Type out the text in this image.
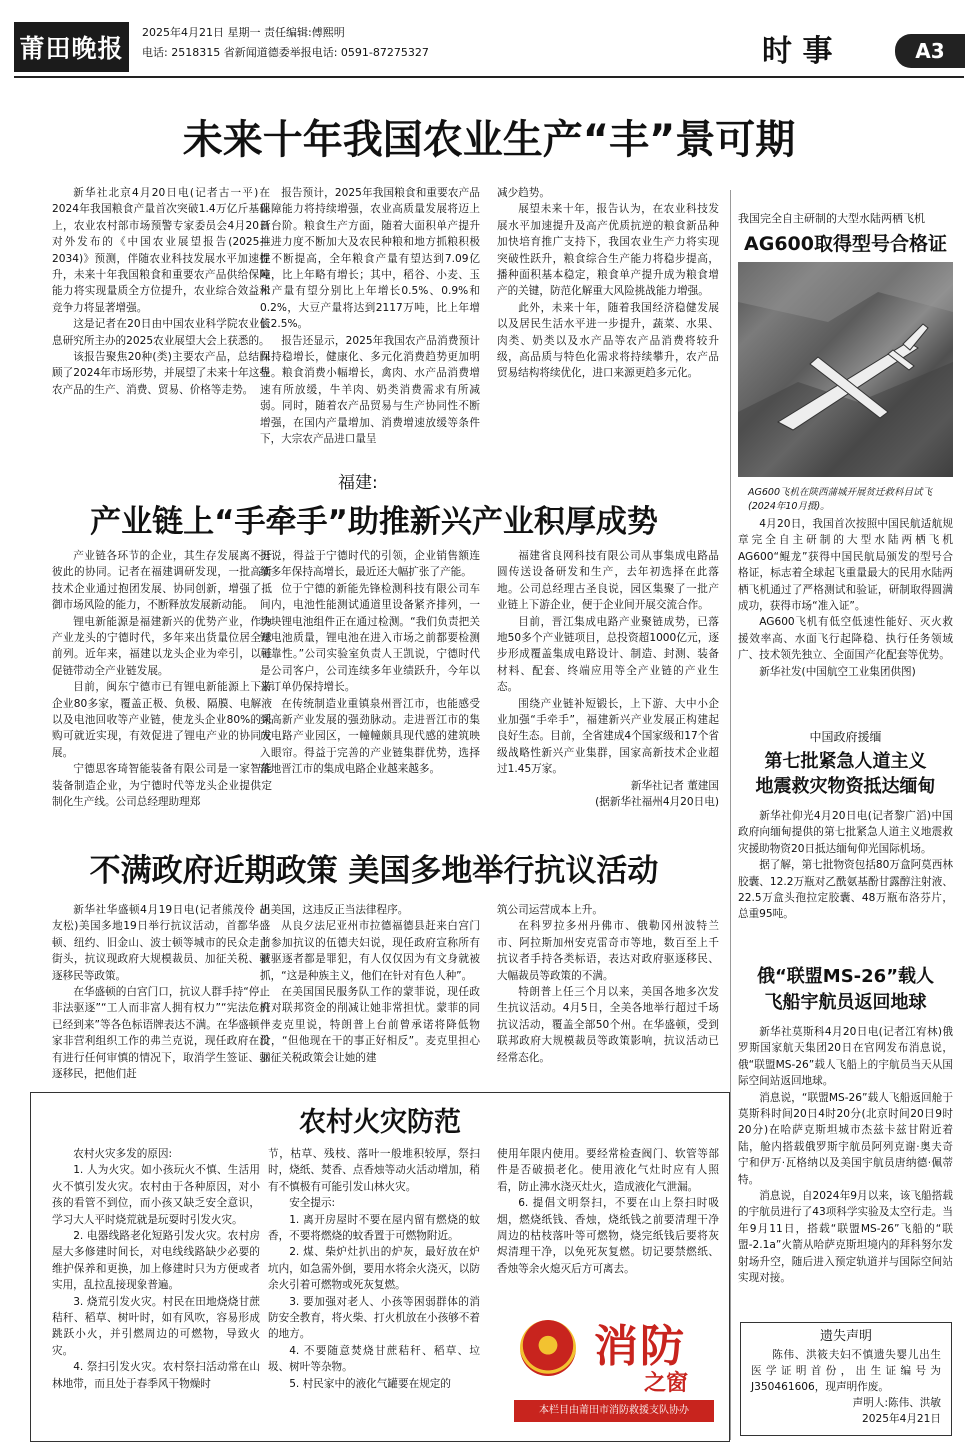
莆田晚报
2025年4月21日 星期一 责任编辑:傅熙明
电话: 2518315 省新闻道德委举报电话: 0591-87275327	时 事	A3
未来十年我国农业生产“丰”景可期

新华社北京4月20日电(记者古一平)在2024年我国粮食产量首次突破1.4万亿斤基础上，农业农村部市场预警专家委员会4月20日对外发布的《中国农业展望报告(2025—2034)》预测，伴随农业科技发展水平加速提升，未来十年我国粮食和重要农产品供给保障能力将实现量质全方位提升，农业综合效益和竞争力将显著增强。

这是记者在20日由中国农业科学院农业信息研究所主办的2025农业展望大会上获悉的。

该报告聚焦20种(类)主要农产品，总结回顾了2024年市场形势，并展望了未来十年这些农产品的生产、消费、贸易、价格等走势。

报告预计，2025年我国粮食和重要农产品保障能力将持续增强，农业高质量发展将迈上新台阶。粮食生产方面，随着大面积单产提升推进力度不断加大及农民种粮和地方抓粮积极性不断提高，全年粮食产量有望达到7.09亿吨，比上年略有增长；其中，稻谷、小麦、玉米产量有望分别比上年增长0.5%、0.9%和0.2%，大豆产量将达到2117万吨，比上年增长2.5%。

报告还显示，2025年我国农产品消费预计保持稳增长，健康化、多元化消费趋势更加明显。粮食消费小幅增长，禽肉、水产品消费增速有所放缓，牛羊肉、奶类消费需求有所减弱。同时，随着农产品贸易与生产协同性不断增强，在国内产量增加、消费增速放缓等条件下，大宗农产品进口量呈

减少趋势。

展望未来十年，报告认为，在农业科技发展水平加速提升及高产优质抗逆的粮食新品种加快培育推广支持下，我国农业生产力将实现突破性跃升，粮食综合生产能力将稳步提高，播种面积基本稳定，粮食单产提升成为粮食增产的关键，防范化解重大风险挑战能力增强。

此外，未来十年，随着我国经济稳健发展以及居民生活水平进一步提升，蔬菜、水果、肉类、奶类以及水产品等农产品消费将较升级，高品质与特色化需求将持续攀升，农产品贸易结构将续优化，进口来源更趋多元化。

福建:
产业链上“手牵手”助推新兴产业积厚成势

产业链各环节的企业，其生存发展离不开彼此的协同。记者在福建调研发现，一批高新技术企业通过抱团发展、协同创新，增强了抵御市场风险的能力，不断释放发展新动能。

锂电新能源是福建新兴的优势产业，作为产业龙头的宁德时代，多年来出货量位居全球前列。近年来，福建以龙头企业为牵引，以链促链带动全产业链发展。

目前，闽东宁德市已有锂电新能源上下游企业80多家，覆盖正极、负极、隔膜、电解液以及电池回收等产业链，使龙头企业80%的采购可就近实现，有效促进了锂电产业的协同发展。

宁德思客琦智能装备有限公司是一家智能装备制造企业，为宁德时代等龙头企业提供定制化生产线。公司总经理助理郑

挺说，得益于宁德时代的引领，企业销售额连续多年保持高增长，最近还大幅扩张了产能。

位于宁德的新能先锋检测科技有限公司车间内，电池性能测试通道里设备紧齐排列，一块块锂电池组件正在通过检测。“我们负责把关锂电池质量，锂电池在进入市场之前都要检测可靠性。”公司实验室负责人王凯说，宁德时代是公司客户，公司连续多年业绩跃升，今年以来订单仍保持增长。

在传统制造业重镇泉州晋江市，也能感受到高新产业发展的强劲脉动。走进晋江市的集成电路产业园区，一幢幢颇具现代感的建筑映入眼帘。得益于完善的产业链集群优势，选择落地晋江市的集成电路企业越来越多。

福建省良网科技有限公司从事集成电路晶圆传送设备研发和生产，去年初选择在此落地。公司总经理古圣良说，园区集聚了一批产业链上下游企业，便于企业间开展交流合作。

目前，晋江集成电路产业聚链成势，已落地50多个产业链项目，总投资超1000亿元，逐步形成覆盖集成电路设计、制造、封测、装备材料、配套、终端应用等全产业链的产业生态。

围绕产业链补短锻长，上下游、大中小企业加强“手牵手”，福建新兴产业发展正构建起良好生态。目前，全省建成4个国家级和17个省级战略性新兴产业集群，国家高新技术企业超过1.45万家。

新华社记者 董建国

(据新华社福州4月20日电)

不满政府近期政策 美国多地举行抗议活动

新华社华盛顿4月19日电(记者熊茂伶 胡友松)美国多地19日举行抗议活动，首都华盛顿、纽约、旧金山、波士顿等城市的民众走上街头，抗议现政府大规模裁员、加征关税、驱逐移民等政策。

在华盛顿的白宫门口，抗议人群手持“停止非法驱逐”“工人而非富人拥有权力”“宪法危机已经到来”等各色标语牌表达不满。在华盛顿一家非营利组织工作的弗兰克说，现任政府在没有进行任何审慎的情况下，取消学生签证、驱逐移民，把他们赶

出美国，这违反正当法律程序。

从良夕法尼亚州市拉德福德县赶来白宫门前参加抗议的伍德夫妇说，现任政府宣称所有被驱逐者都是罪犯，有人仅仅因为有文身就被抓，“这是种族主义，他们在针对有色人种”。

在美国国民服务队工作的蒙菲说，现任政府对联邦资金的削减让她非常担忧。蒙菲的同伴麦克里说，特朗普上台前曾承诺将降低物价，“但他现在干的事正好相反”。麦克里担心加征关税政策会让她的建

筑公司运营成本上升。

在科罗拉多州丹佛市、俄勒冈州波特兰市、阿拉斯加州安克雷奇市等地，数百至上千抗议者手持各类标语，表达对政府驱逐移民、大幅裁员等政策的不满。

特朗普上任三个月以来，美国各地多次发生抗议活动。4月5日，全美各地举行超过千场抗议活动，覆盖全部50个州。在华盛顿，受到联邦政府大规模裁员等政策影响，抗议活动已经常态化。

农村火灾防范

农村火灾多发的原因:

1. 人为火灾。如小孩玩火不慎、生活用火不慎引发火灾。农村由于各种原因，对小孩的看管不到位，而小孩又缺乏安全意识，学习大人平时烧荒就是玩耍时引发火灾。

2. 电器线路老化短路引发火灾。农村房屋大多修建时间长，对电线线路缺少必要的维护保养和更换，加上修建时只为方便或者实用，乱拉乱接现象普遍。

3. 烧荒引发火灾。村民在田地烧烧甘蔗秸秆、稻草、树叶时，如有风吹，容易形成跳跃小火，并引燃周边的可燃物，导致火灾。

4. 祭扫引发火灾。农村祭扫活动常在山林地带，而且处于春季风干物燥时

节，枯草、残枝、落叶一般堆积较厚，祭扫时，烧纸、焚香、点香烛等动火活动增加，稍有不慎极有可能引发山林火灾。

安全提示:

1. 离开房屋时不要在屋内留有燃烧的蚊香，不要将燃烧的蚊香置于可燃物附近。

2. 煤、柴炉灶扒出的炉灰，最好放在炉坑内，如急需外倒，要用水将余火浇灭，以防余火引着可燃物或死灰复燃。

3. 要加强对老人、小孩等困弱群体的消防安全教育，将火柴、打火机放在小孩够不着的地方。

4. 不要随意焚烧甘蔗秸秆、稻草、垃圾、树叶等杂物。

5. 村民家中的液化气罐要在规定的

使用年限内使用。要经常检查阀门、软管等部件是否破损老化。使用液化气灶时应有人照看，防止沸水浇灭灶火，造成液化气泄漏。

6. 提倡文明祭扫，不要在山上祭扫时吸烟，燃烧纸钱、香烛，烧纸钱之前要清理干净周边的枯枝落叶等可燃物，烧完纸钱后要将灰烬清理干净，以免死灰复燃。切记要禁燃纸、香烛等余火熄灭后方可离去。

消防
之窗
本栏目由莆田市消防救援支队协办
我国完全自主研制的大型水陆两栖飞机
AG600取得型号合格证
AG600飞机在陕西蒲城开展贫迁救科目试飞(2024年10月摄)。

4月20日，我国首次按照中国民航适航规章完全自主研制的大型水陆两栖飞机AG600“鲲龙”获得中国民航局颁发的型号合格证，标志着全球起飞重量最大的民用水陆两栖飞机通过了严格测试和验证，研制取得圆满成功，获得市场“准入证”。

AG600飞机有低空低速性能好、灭火救援效率高、水面飞行起降稳、执行任务领域广、技术领先独立、全面国产化配套等优势。

新华社发(中国航空工业集团供图)

中国政府援缅
第七批紧急人道主义
地震救灾物资抵达缅甸

新华社仰光4月20日电(记者黎广滔)中国政府向缅甸提供的第七批紧急人道主义地震救灾援助物资20日抵达缅甸仰光国际机场。

据了解，第七批物资包括80万盒阿莫西林胶囊、12.2万瓶对乙酰氨基酚甘露醇注射液、22.5万盒头孢拉定胶囊、48万瓶布洛芬片，总重95吨。

俄“联盟MS-26”载人
飞船宇航员返回地球

新华社莫斯科4月20日电(记者江宥林)俄罗斯国家航天集团20日在官网发布消息说，俄“联盟MS-26”载人飞船上的宇航员当天从国际空间站返回地球。

消息说，“联盟MS-26”载人飞船返回舱于莫斯科时间20日4时20分(北京时间20日9时20分)在哈萨克斯坦城市杰兹卡兹甘附近着陆，舱内搭载俄罗斯宇航员阿列克谢·奥夫奇宁和伊万·瓦格纳以及美国宇航员唐纳德·佩蒂特。

消息说，自2024年9月以来，该飞船搭载的宇航员进行了43项科学实验及太空行走。当年9月11日，搭载“联盟MS-26”飞船的“联盟-2.1a”火箭从哈萨克斯坦境内的拜科努尔发射场升空，随后进入预定轨道并与国际空间站实现对接。

遗失声明
陈伟、洪筱夫妇不慎遗失婴儿出生医学证明首份，出生证编号为J350461606，现声明作废。
声明人:陈伟、洪敏
2025年4月21日
